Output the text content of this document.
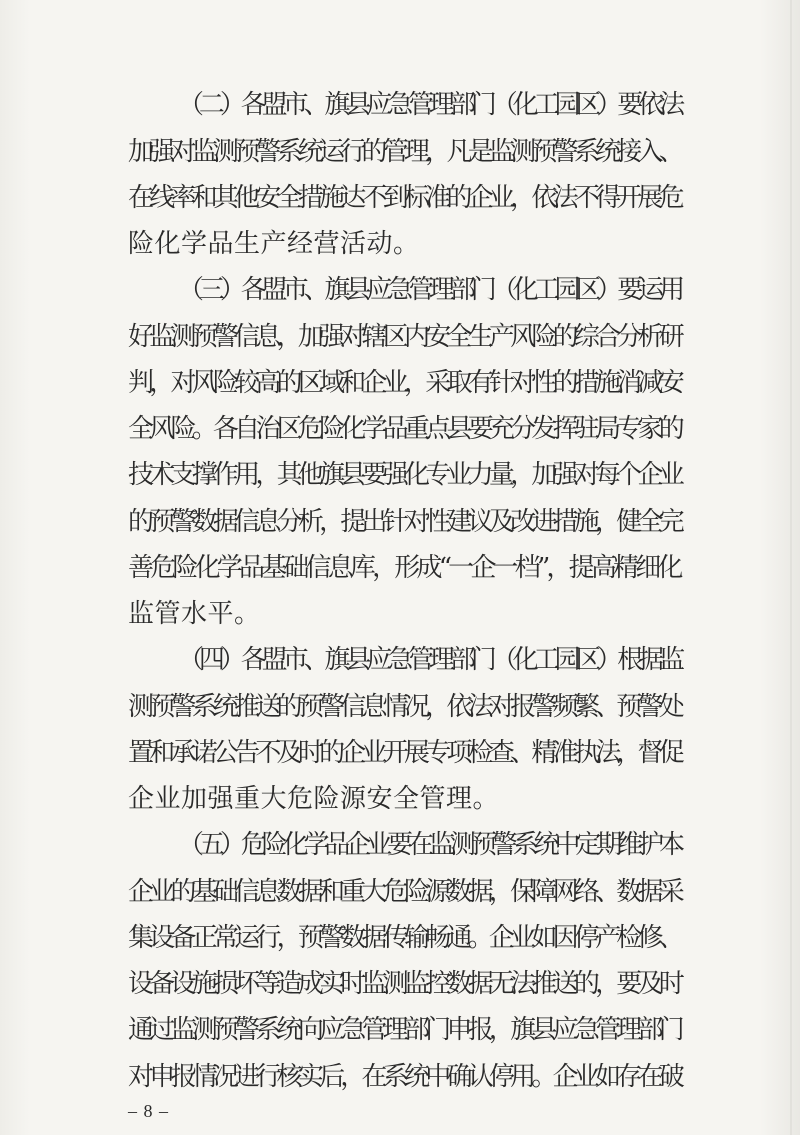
（二）各盟市、旗县应急管理部门（化工园区）要依法
加强对监测预警系统运行的管理，凡是监测预警系统接入、
在线率和其他安全措施达不到标准的企业，依法不得开展危
险化学品生产经营活动。
（三）各盟市、旗县应急管理部门（化工园区）要运用
好监测预警信息，加强对辖区内安全生产风险的综合分析研
判，对风险较高的区域和企业，采取有针对性的措施消减安
全风险。各自治区危险化学品重点县要充分发挥驻局专家的
技术支撑作用，其他旗县要强化专业力量，加强对每个企业
的预警数据信息分析，提出针对性建议及改进措施，健全完
善危险化学品基础信息库，形成“一企一档”，提高精细化
监管水平。
（四）各盟市、旗县应急管理部门（化工园区）根据监
测预警系统推送的预警信息情况，依法对报警频繁、预警处
置和承诺公告不及时的企业开展专项检查、精准执法，督促
企业加强重大危险源安全管理。
（五）危险化学品企业要在监测预警系统中定期维护本
企业的基础信息数据和重大危险源数据，保障网络、数据采
集设备正常运行，预警数据传输畅通。企业如因停产检修、
设备设施损坏等造成实时监测监控数据无法推送的，要及时
通过监测预警系统向应急管理部门申报，旗县应急管理部门
对申报情况进行核实后，在系统中确认停用。企业如存在破
– 8 –
